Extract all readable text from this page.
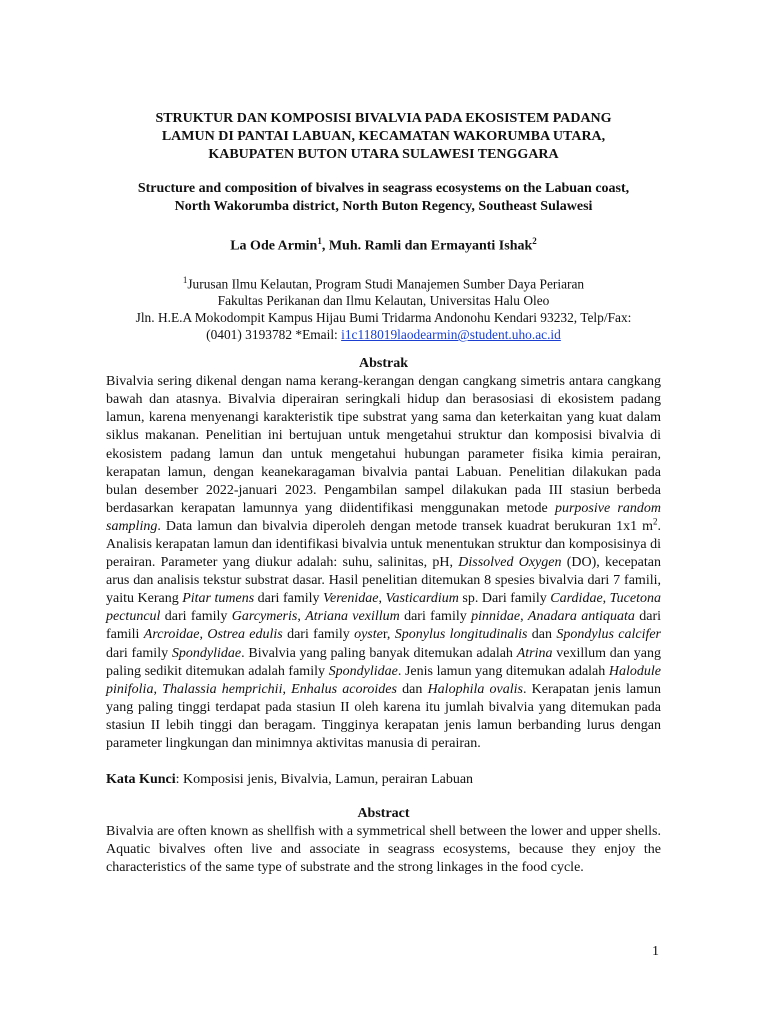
STRUKTUR DAN KOMPOSISI BIVALVIA PADA EKOSISTEM PADANG
LAMUN DI PANTAI LABUAN, KECAMATAN WAKORUMBA UTARA,
KABUPATEN BUTON UTARA SULAWESI TENGGARA

Structure and composition of bivalves in seagrass ecosystems on the Labuan coast,
North Wakorumba district, North Buton Regency, Southeast Sulawesi

La Ode Armin$^1$, Muh. Ramli dan Ermayanti Ishak$^2$

$^1$Jurusan Ilmu Kelautan, Program Studi Manajemen Sumber Daya Periaran
Fakultas Perikanan dan Ilmu Kelautan, Universitas Halu Oleo
Jln. H.E.A Mokodompit Kampus Hijau Bumi Tridarma Andonohu Kendari 93232, Telp/Fax:
(0401) 3193782 *Email: i1c118019laodearmin@student.uho.ac.id

Abstrak

Bivalvia sering dikenal dengan nama kerang-kerangan dengan cangkang simetris antara cangkang bawah dan atasnya. Bivalvia diperairan seringkali hidup dan berasosiasi di ekosistem padang lamun, karena menyenangi karakteristik tipe substrat yang sama dan keterkaitan yang kuat dalam siklus makanan. Penelitian ini bertujuan untuk mengetahui struktur dan komposisi bivalvia di ekosistem padang lamun dan untuk mengetahui hubungan parameter fisika kimia perairan, kerapatan lamun, dengan keanekaragaman bivalvia pantai Labuan. Penelitian dilakukan pada bulan desember 2022-januari 2023. Pengambilan sampel dilakukan pada III stasiun berbeda berdasarkan kerapatan lamunnya yang diidentifikasi menggunakan metode purposive random sampling. Data lamun dan bivalvia diperoleh dengan metode transek kuadrat berukuran 1x1 $m^2$. Analisis kerapatan lamun dan identifikasi bivalvia untuk menentukan struktur dan komposisinya di perairan. Parameter yang diukur adalah: suhu, salinitas, pH, Dissolved Oxygen (DO), kecepatan arus dan analisis tekstur substrat dasar. Hasil penelitian ditemukan 8 spesies bivalvia dari 7 famili, yaitu Kerang Pitar tumens dari family Verenidae, Vasticardium sp. Dari family Cardidae, Tucetona pectuncul dari family Garcymeris, Atriana vexillum dari family pinnidae, Anadara antiquata dari famili Arcroidae, Ostrea edulis dari family oyster, Sponylus longitudinalis dan Spondylus calcifer dari family Spondylidae. Bivalvia yang paling banyak ditemukan adalah Atrina vexillum dan yang paling sedikit ditemukan adalah family Spondylidae. Jenis lamun yang ditemukan adalah Halodule pinifolia, Thalassia hemprichii, Enhalus acoroides dan Halophila ovalis. Kerapatan jenis lamun yang paling tinggi terdapat pada stasiun II oleh karena itu jumlah bivalvia yang ditemukan pada stasiun II lebih tinggi dan beragam. Tingginya kerapatan jenis lamun berbanding lurus dengan parameter lingkungan dan minimnya aktivitas manusia di perairan.

Kata Kunci: Komposisi jenis, Bivalvia, Lamun, perairan Labuan

Abstract

Bivalvia are often known as shellfish with a symmetrical shell between the lower and upper shells. Aquatic bivalves often live and associate in seagrass ecosystems, because they enjoy the characteristics of the same type of substrate and the strong linkages in the food cycle.

1
